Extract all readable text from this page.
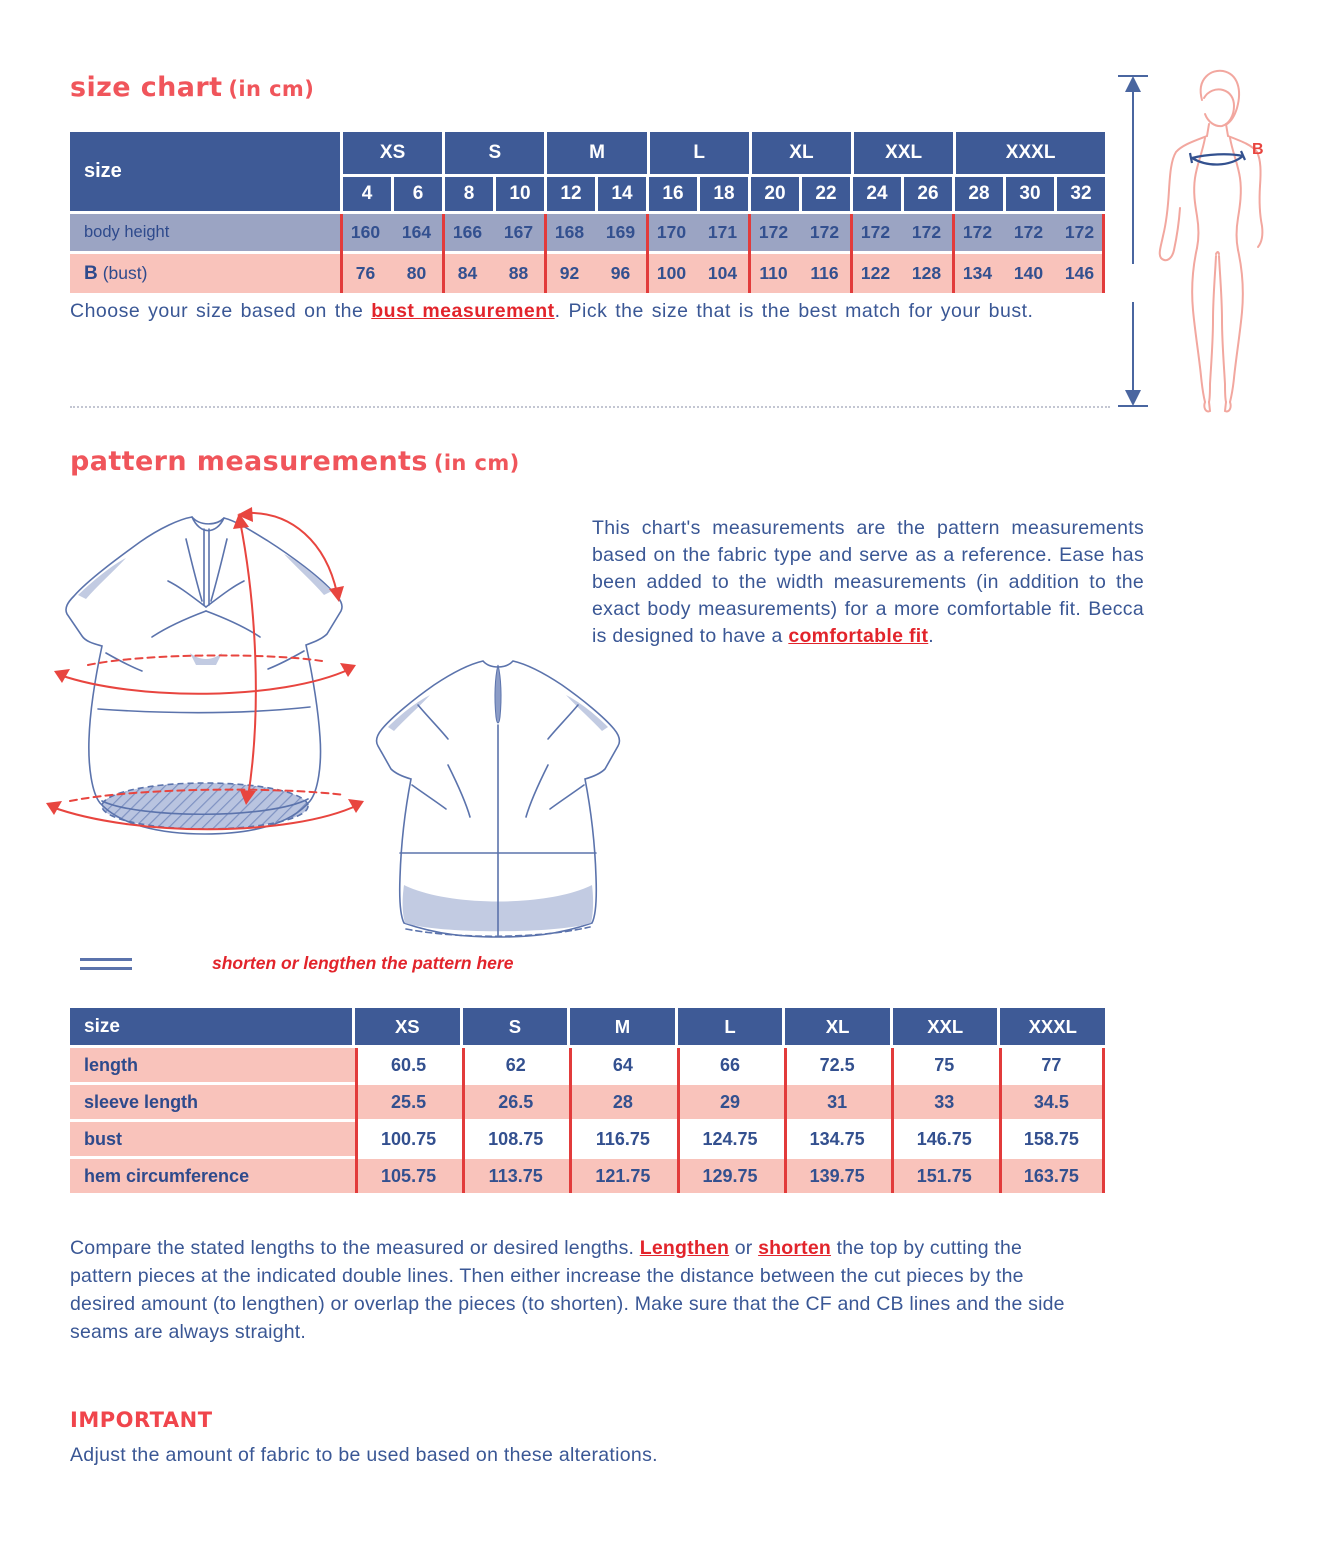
size chart (in cm)
size
XS	S	M	L	XL	XXL	XXXL
4	6	8	10	12	14	16	18	20	22	24	26	28	30	32
body height	160	164	166	167	168	169	170	171	172	172	172	172	172	172	172
B (bust)	76	80	84	88	92	96	100	104	110	116	122	128	134	140	146
B

Choose your size based on the bust measurement. Pick the size that is the best match for your bust.

pattern measurements (in cm)

This chart's measurements are the pattern measurements based on the fabric type and serve as a reference. Ease has been added to the width measurements (in addition to the exact body measurements) for a more comfortable fit. Becca is designed to have a comfortable fit.

shorten or lengthen the pattern here
size	XS	S	M	L	XL	XXL	XXXL
length	60.5	62	64	66	72.5	75	77
sleeve length	25.5	26.5	28	29	31	33	34.5
bust	100.75	108.75	116.75	124.75	134.75	146.75	158.75
hem circumference	105.75	113.75	121.75	129.75	139.75	151.75	163.75

Compare the stated lengths to the measured or desired lengths. Lengthen or shorten the top by cutting the pattern pieces at the indicated double lines. Then either increase the distance between the cut pieces by the desired amount (to lengthen) or overlap the pieces (to shorten). Make sure that the CF and CB lines and the side seams are always straight.

IMPORTANT
Adjust the amount of fabric to be used based on these alterations.
